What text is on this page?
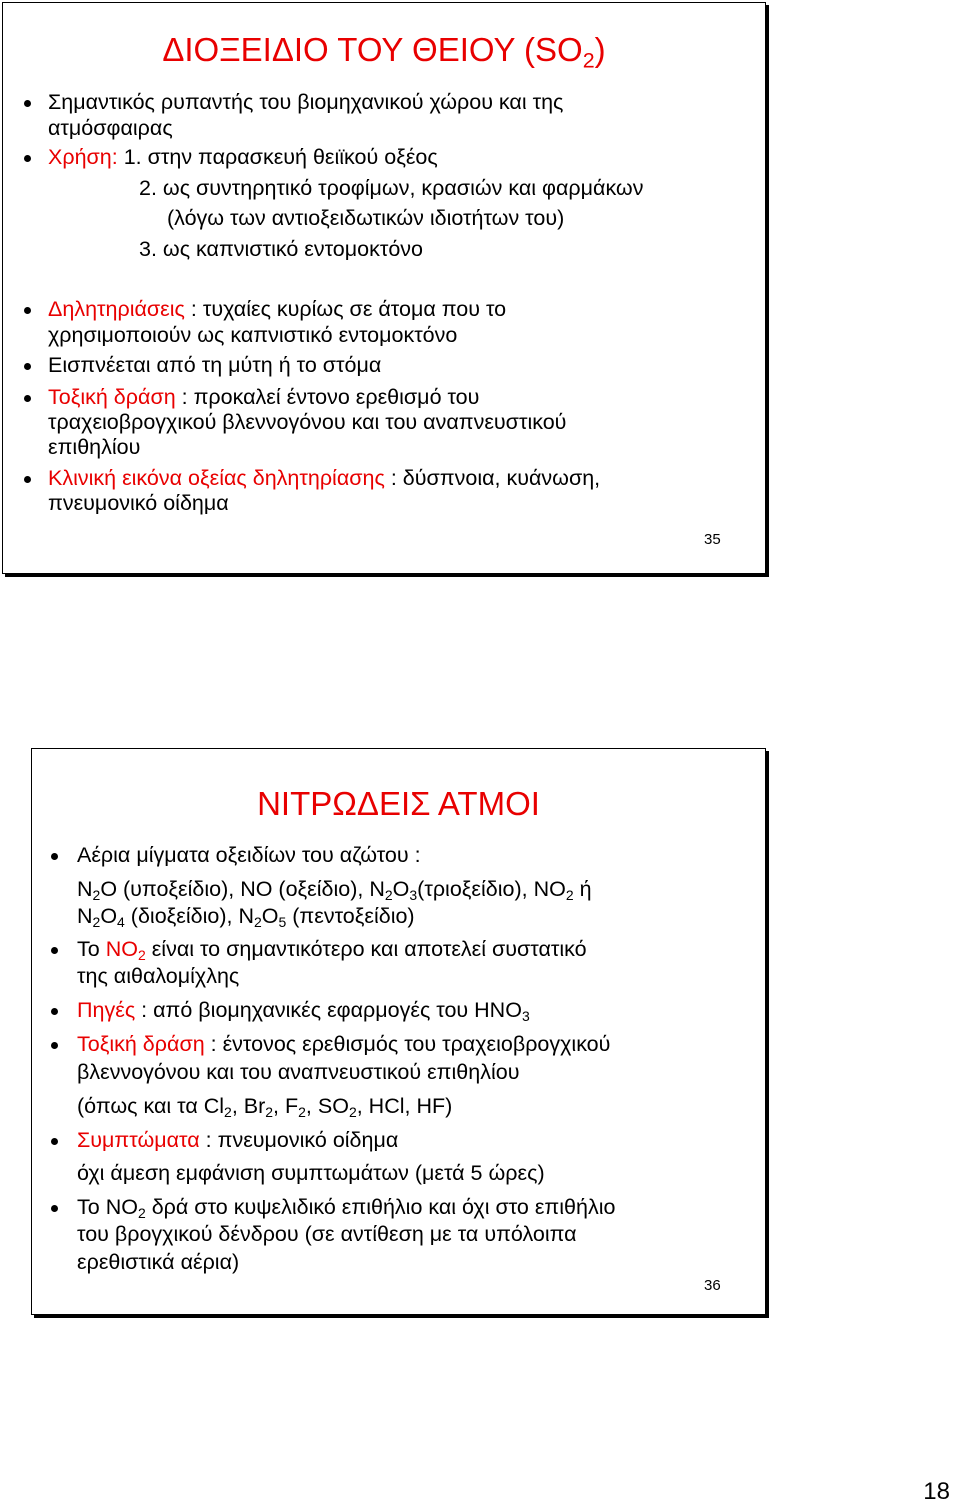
ΔΙΟΞΕΙΔΙΟ ΤΟΥ ΘΕΙΟΥ $(SO_2)$
Σημαντικός ρυπαντής του βιομηχανικού χώρου και της
ατμόσφαιρας
Χρήση: 1. στην παρασκευή θειϊκού οξέος
2. ως συντηρητικό τροφίμων, κρασιών και φαρμάκων
(λόγω των αντιοξειδωτικών ιδιοτήτων του)
3. ως καπνιστικό εντομοκτόνο
Δηλητηριάσεις : τυχαίες κυρίως σε άτομα που το
χρησιμοποιούν ως καπνιστικό εντομοκτόνο
Εισπνέεται από τη μύτη ή το στόμα
Τοξική δράση : προκαλεί έντονο ερεθισμό του
τραχειοβρογχικού βλεννογόνου και του αναπνευστικού
επιθηλίου
Κλινική εικόνα οξείας δηλητηρίασης : δύσπνοια, κυάνωση,
πνευμονικό οίδημα
35
ΝΙΤΡΩΔΕΙΣ ΑΤΜΟΙ
Αέρια μίγματα οξειδίων του αζώτου :
$N_2O$ (υποξείδιο), NO (οξείδιο), $N_2O_3(\tau\rho\iota o\xi\varepsilon ί\delta\iota o)$, $NO_2$ ή
$N_2O_4$ (διοξείδιο), $N_2O_5$ (πεντοξείδιο)
Το $NO_2$ είναι το σημαντικότερο και αποτελεί συστατικό
της αιθαλομίχλης
Πηγές : από βιομηχανικές εφαρμογές του $HNO_3$
Τοξική δράση : έντονος ερεθισμός του τραχειοβρογχικού
βλεννογόνου και του αναπνευστικού επιθηλίου
(όπως και τα $Cl_2$, $Br_2$, $F_2$, $SO_2$, HCl, HF)
Συμπτώματα : πνευμονικό οίδημα
όχι άμεση εμφάνιση συμπτωμάτων (μετά 5 ώρες)
Το $NO_2$ δρά στο κυψελιδικό επιθήλιο και όχι στο επιθήλιο
του βρογχικού δένδρου (σε αντίθεση με τα υπόλοιπα
ερεθιστικά αέρια)
36
18
